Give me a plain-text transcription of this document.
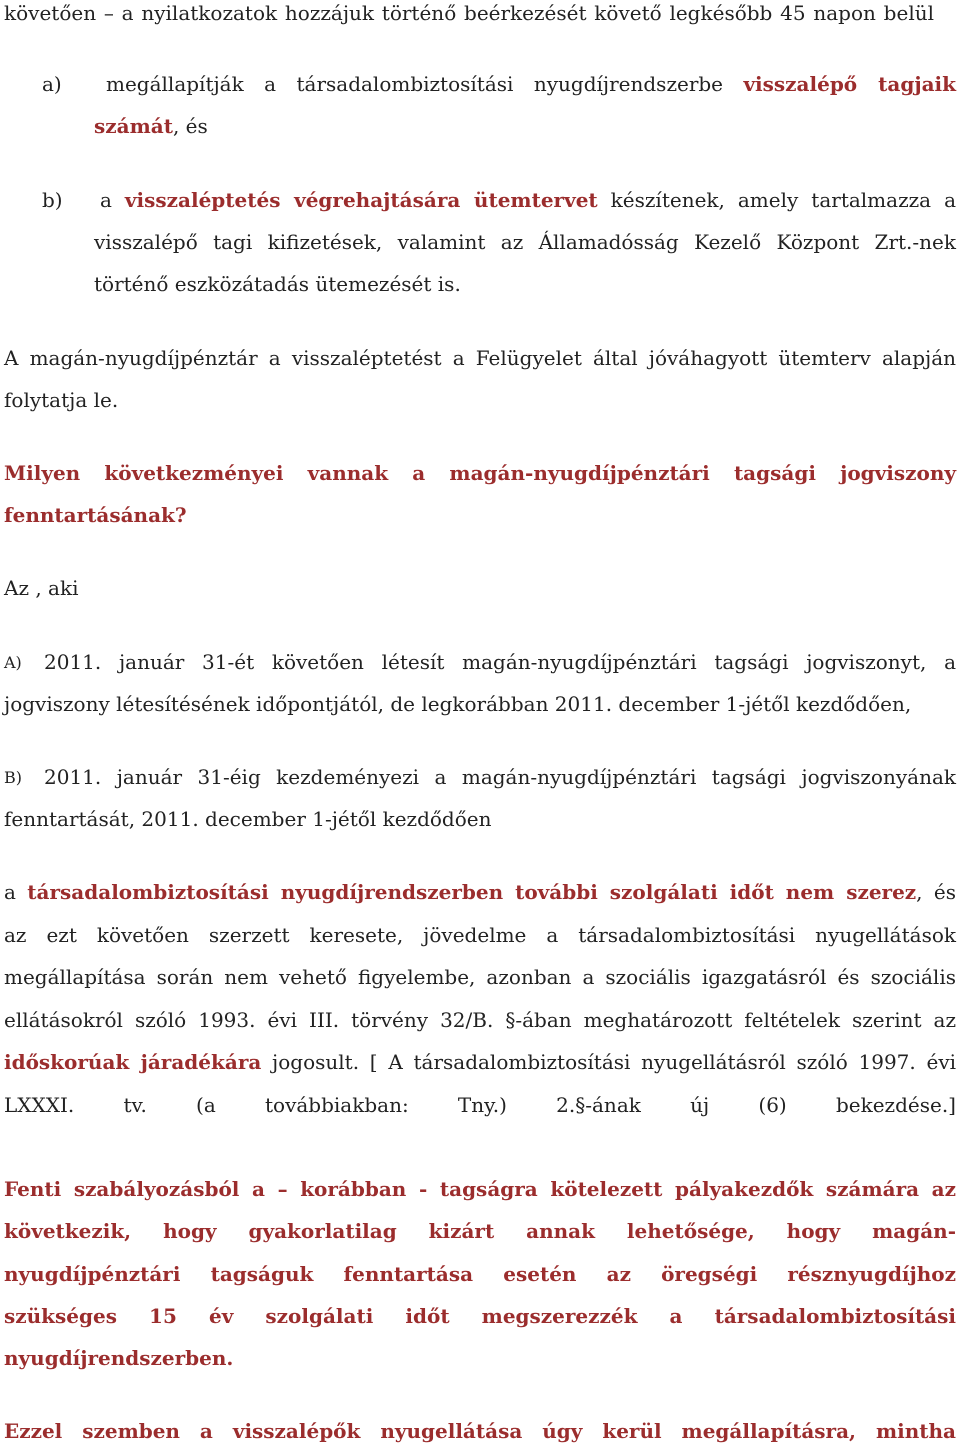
követően – a nyilatkozatok hozzájuk történő beérkezését követő legkésőbb 45 napon belül
a) megállapítják a társadalombiztosítási nyugdíjrendszerbe visszalépő tagjaik
számát, és
b) a visszaléptetés végrehajtására ütemtervet készítenek, amely tartalmazza a
visszalépő tagi kifizetések, valamint az Államadósság Kezelő Központ Zrt.-nek
történő eszközátadás ütemezését is.
A magán-nyugdíjpénztár a visszaléptetést a Felügyelet által jóváhagyott ütemterv alapján
folytatja le.
Milyen következményei vannak a magán-nyugdíjpénztári tagsági jogviszony
fenntartásának?
Az , aki
A) 2011. január 31-ét követően létesít magán-nyugdíjpénztári tagsági jogviszonyt, a
jogviszony létesítésének időpontjától, de legkorábban 2011. december 1-jétől kezdődően,
B) 2011. január 31-éig kezdeményezi a magán-nyugdíjpénztári tagsági jogviszonyának
fenntartását, 2011. december 1-jétől kezdődően
a társadalombiztosítási nyugdíjrendszerben további szolgálati időt nem szerez, és
az ezt követően szerzett keresete, jövedelme a társadalombiztosítási nyugellátások
megállapítása során nem vehető figyelembe, azonban a szociális igazgatásról és szociális
ellátásokról szóló 1993. évi III. törvény 32/B. §-ában meghatározott feltételek szerint az
időskorúak járadékára jogosult. [ A társadalombiztosítási nyugellátásról szóló 1997. évi
LXXXI. tv. (a továbbiakban: Tny.) 2.§-ának új (6) bekezdése.]
Fenti szabályozásból a – korábban - tagságra kötelezett pályakezdők számára az
következik, hogy gyakorlatilag kizárt annak lehetősége, hogy magán-
nyugdíjpénztári tagságuk fenntartása esetén az öregségi résznyugdíjhoz
szükséges 15 év szolgálati időt megszerezzék a társadalombiztosítási
nyugdíjrendszerben.
Ezzel szemben a visszalépők nyugellátása úgy kerül megállapításra, mintha
